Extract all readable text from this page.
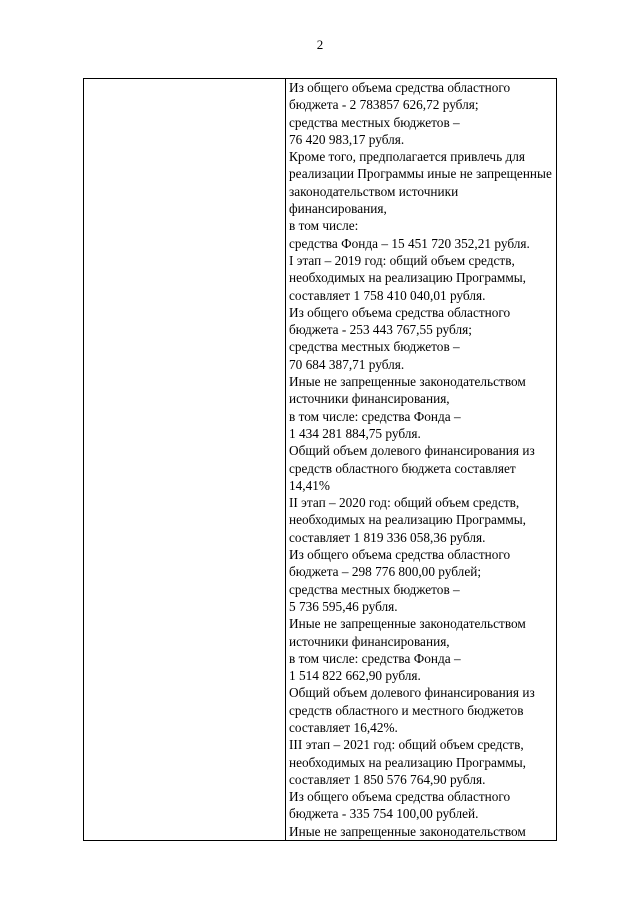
2

Из общего объема средства областного
бюджета - 2 783857 626,72 рубля;
средства местных бюджетов –
76 420 983,17 рубля.
Кроме того, предполагается привлечь для
реализации Программы иные не запрещенные
законодательством источники
финансирования,
в том числе:
средства Фонда – 15 451 720 352,21 рубля.
I этап – 2019 год: общий объем средств,
необходимых на реализацию Программы,
составляет 1 758 410 040,01 рубля.
Из общего объема средства областного
бюджета - 253 443 767,55 рубля;
средства местных бюджетов –
70 684 387,71 рубля.
Иные не запрещенные законодательством
источники финансирования,
в том числе: средства Фонда –
1 434 281 884,75 рубля.
Общий объем долевого финансирования из
средств областного бюджета составляет
14,41%
II этап – 2020 год: общий объем средств,
необходимых на реализацию Программы,
составляет 1 819 336 058,36 рубля.
Из общего объема средства областного
бюджета – 298 776 800,00 рублей;
средства местных бюджетов –
5 736 595,46 рубля.
Иные не запрещенные законодательством
источники финансирования,
в том числе: средства Фонда –
1 514 822 662,90 рубля.
Общий объем долевого финансирования из
средств областного и местного бюджетов
составляет 16,42%.
III этап – 2021 год: общий объем средств,
необходимых на реализацию Программы,
составляет 1 850 576 764,90 рубля.
Из общего объема средства областного
бюджета - 335 754 100,00 рублей.
Иные не запрещенные законодательством
